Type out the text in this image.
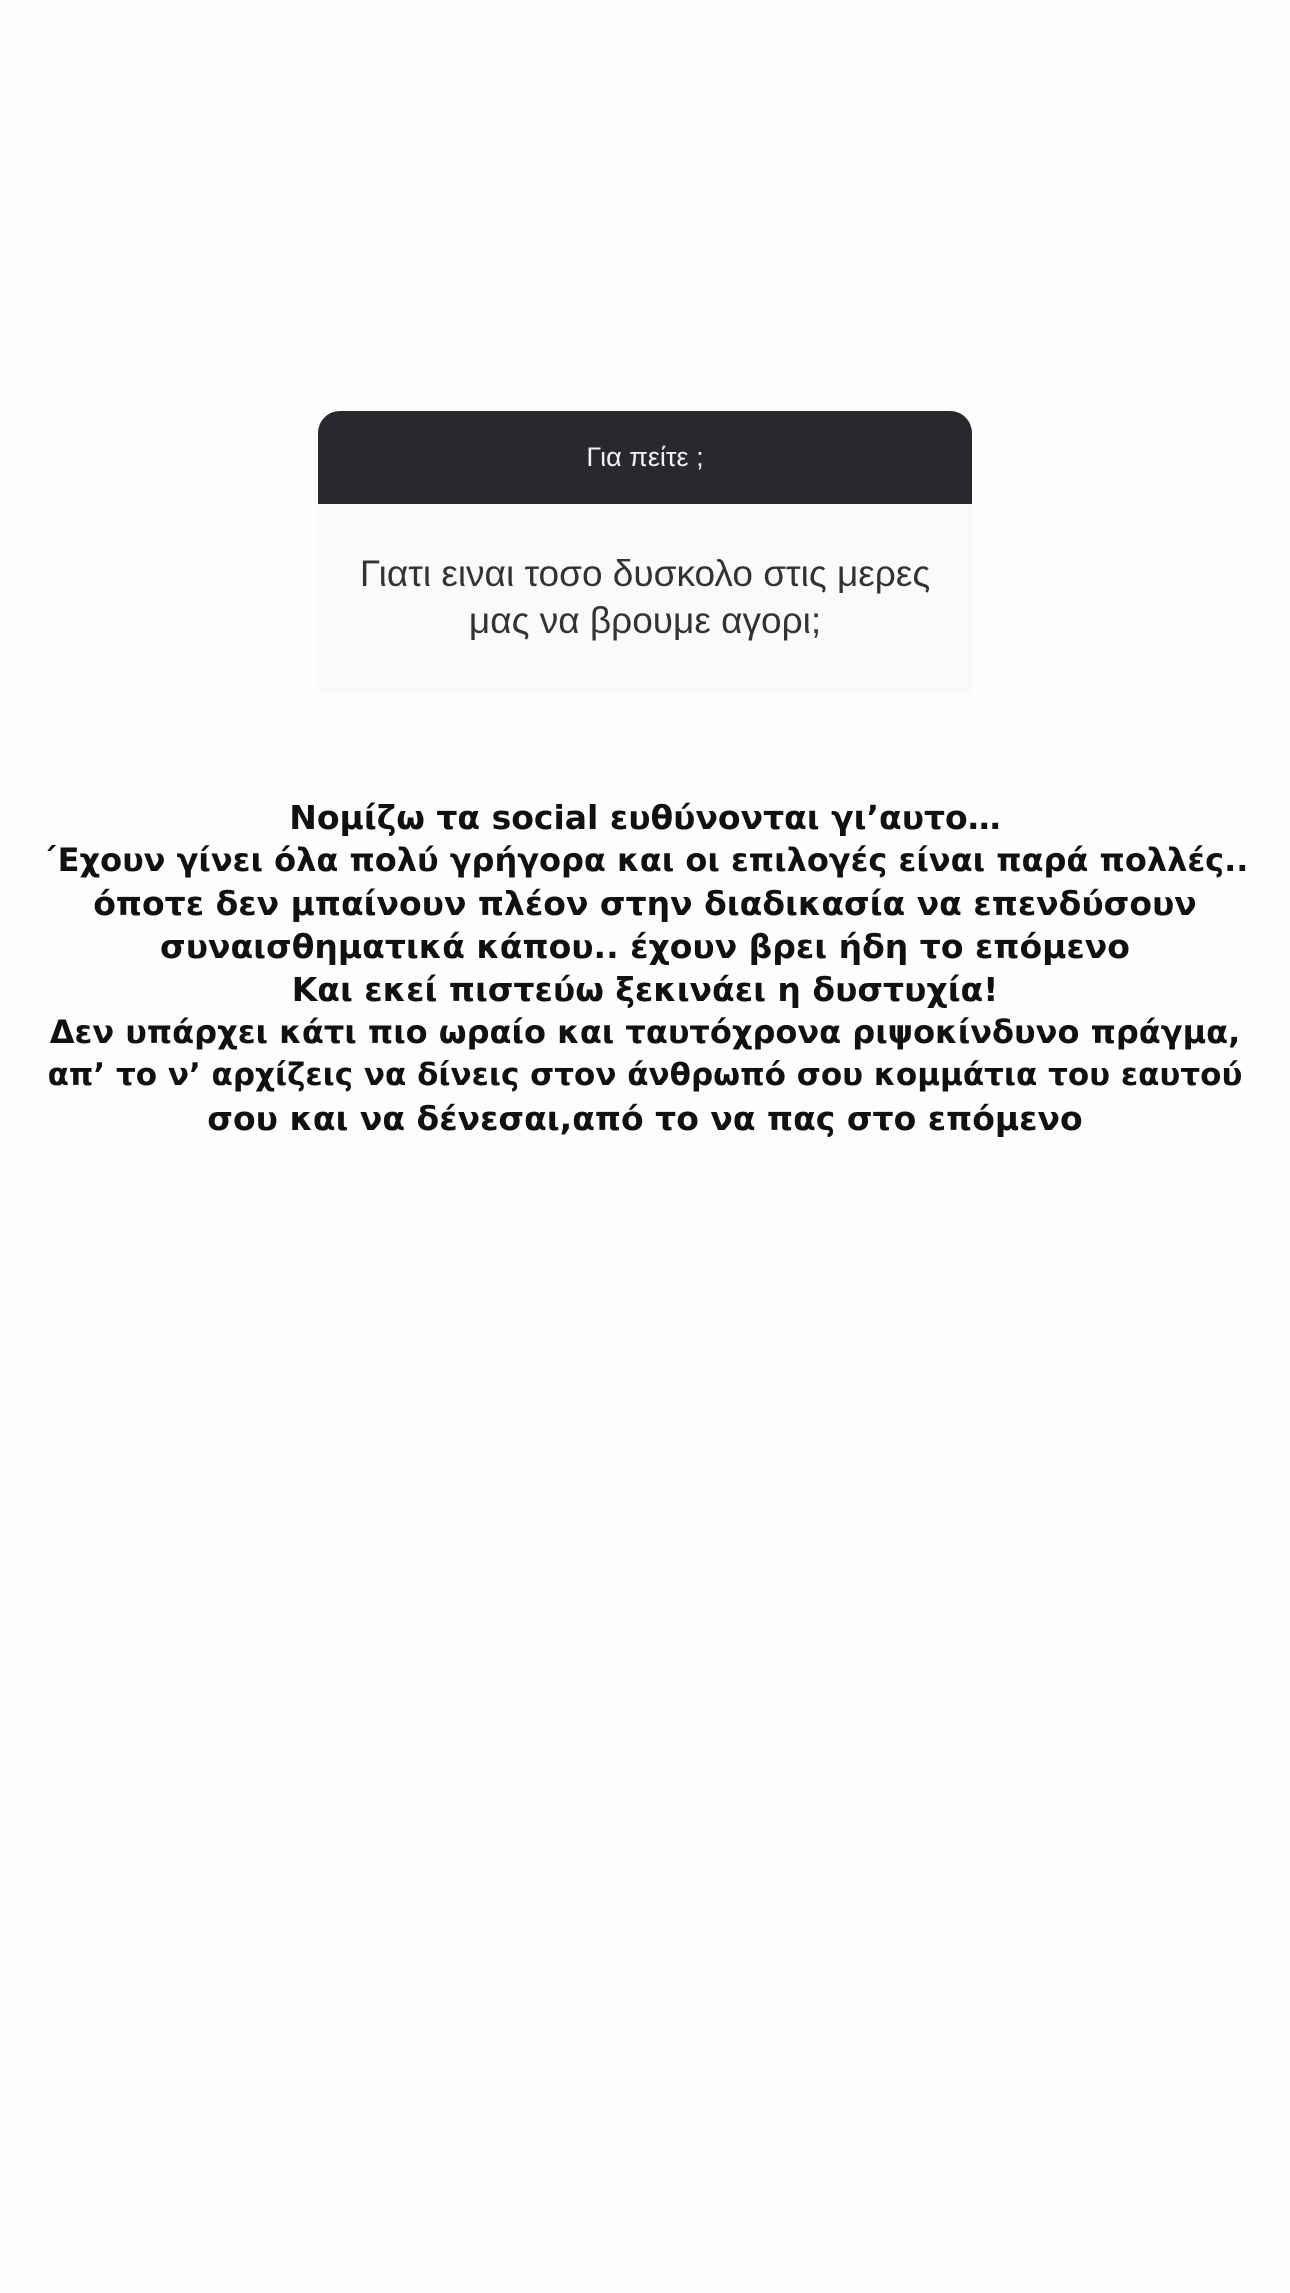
Για πείτε ;
Γιατι ειναι τοσο δυσκολο στις μερες μας να βρουμε αγορι;
Νομίζω τα social ευθύνονται γι’αυτο…
´Εχουν γίνει όλα πολύ γρήγορα και οι επιλογές είναι παρά πολλές..
όποτε δεν μπαίνουν πλέον στην διαδικασία να επενδύσουν
συναισθηματικά κάπου.. έχουν βρει ήδη το επόμενο
Και εκεί πιστεύω ξεκινάει η δυστυχία!
Δεν υπάρχει κάτι πιο ωραίο και ταυτόχρονα ριψοκίνδυνο πράγμα,
απ’ το ν’ αρχίζεις να δίνεις στον άνθρωπό σου κομμάτια του εαυτού
σου και να δένεσαι,από το να πας στο επόμενο
